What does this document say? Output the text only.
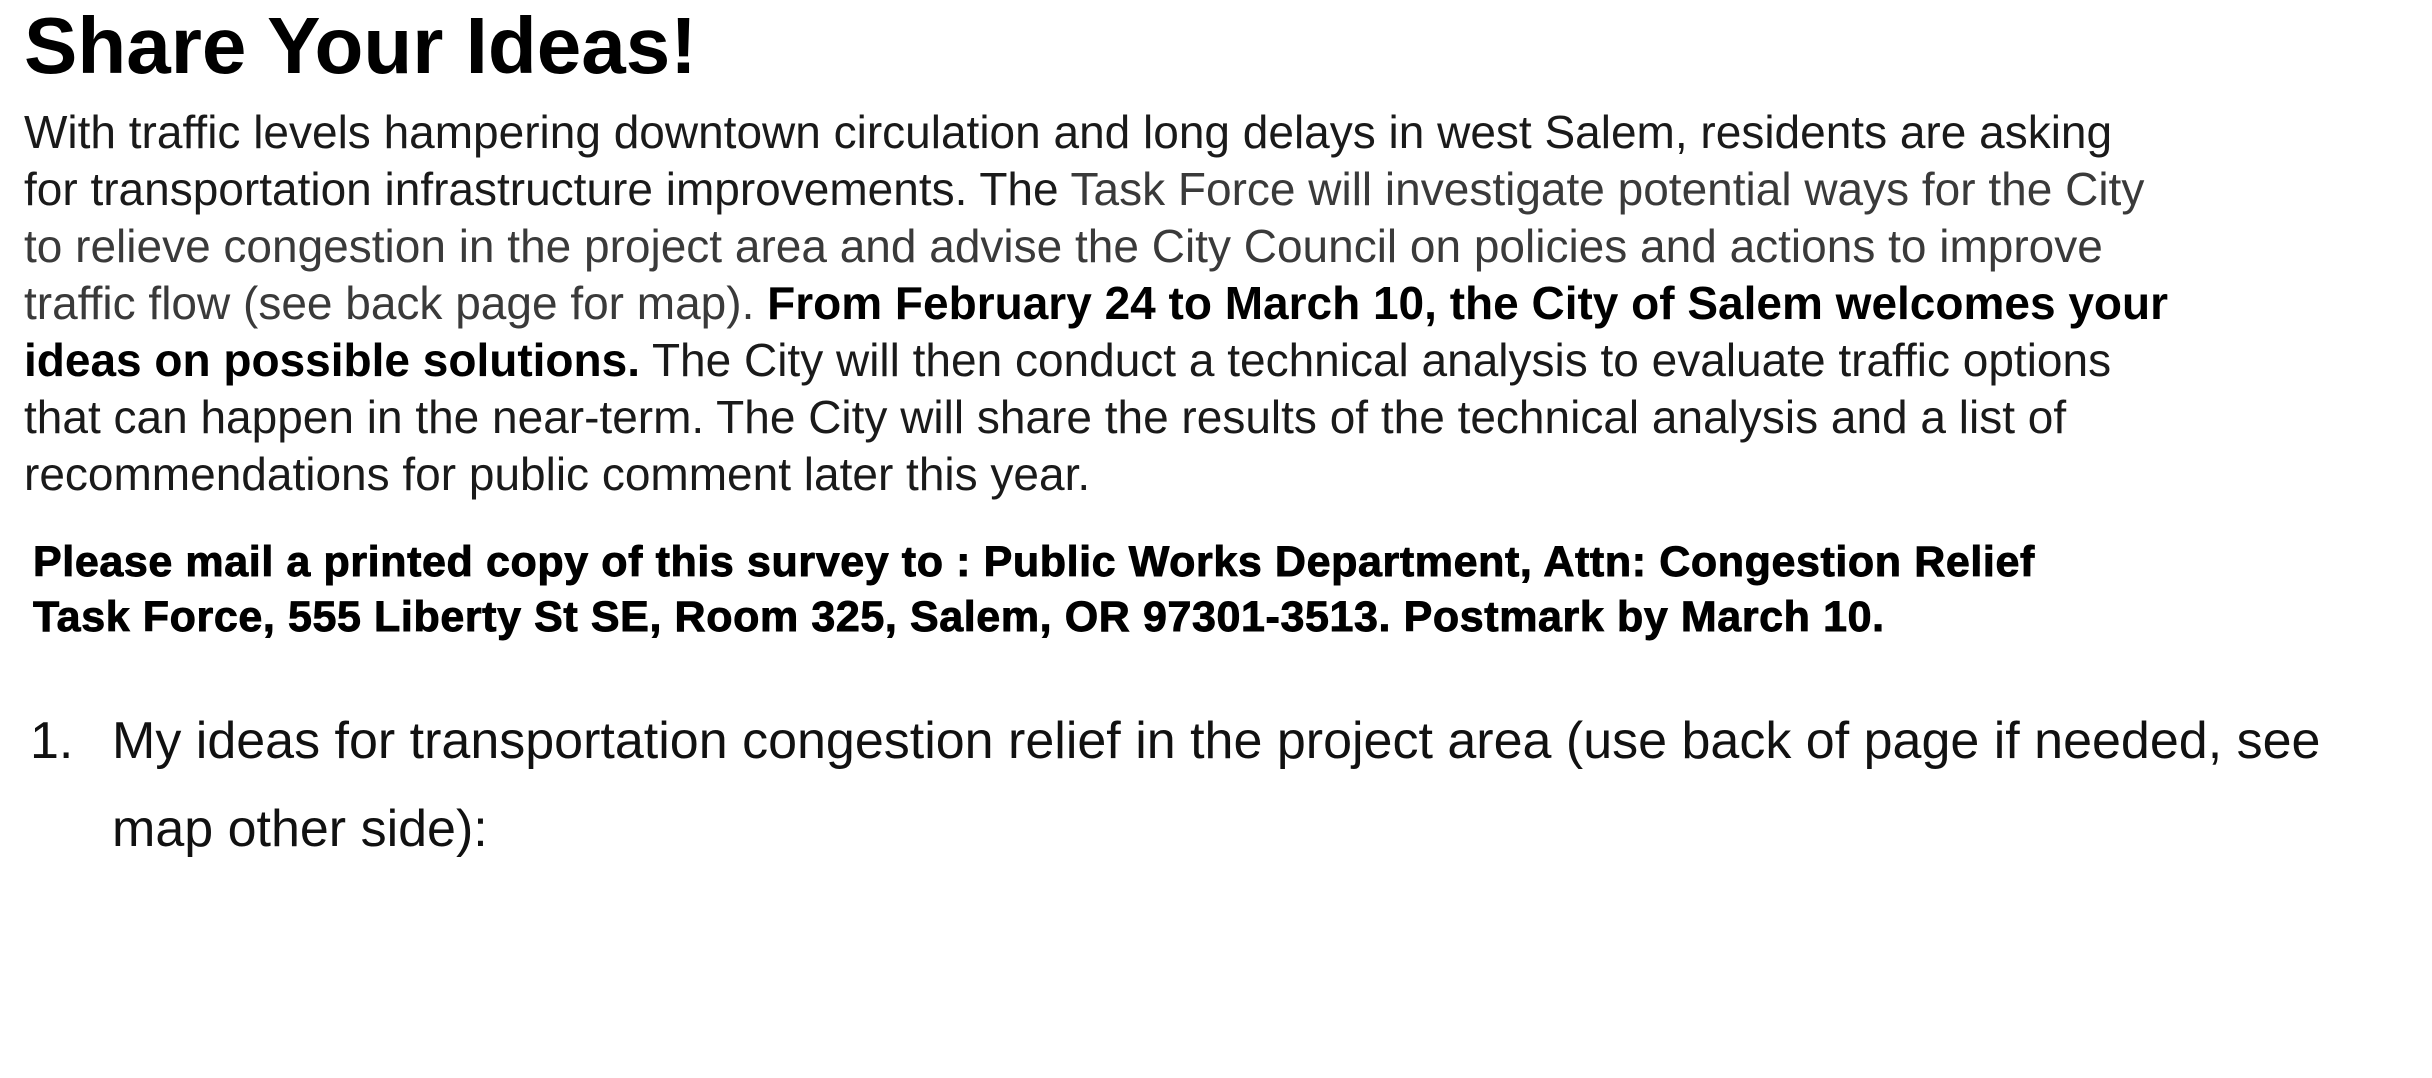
Share Your Ideas!
With traffic levels hampering downtown circulation and long delays in west Salem, residents are asking
for transportation infrastructure improvements. The Task Force will investigate potential ways for the City
to relieve congestion in the project area and advise the City Council on policies and actions to improve
traffic flow (see back page for map). From February 24 to March 10, the City of Salem welcomes your
ideas on possible solutions. The City will then conduct a technical analysis to evaluate traffic options
that can happen in the near-term. The City will share the results of the technical analysis and a list of
recommendations for public comment later this year.
Please mail a printed copy of this survey to : Public Works Department, Attn: Congestion Relief
Task Force, 555 Liberty St SE, Room 325, Salem, OR 97301-3513. Postmark by March 10.
1. My ideas for transportation congestion relief in the project area (use back of page if needed, see
map other side):
